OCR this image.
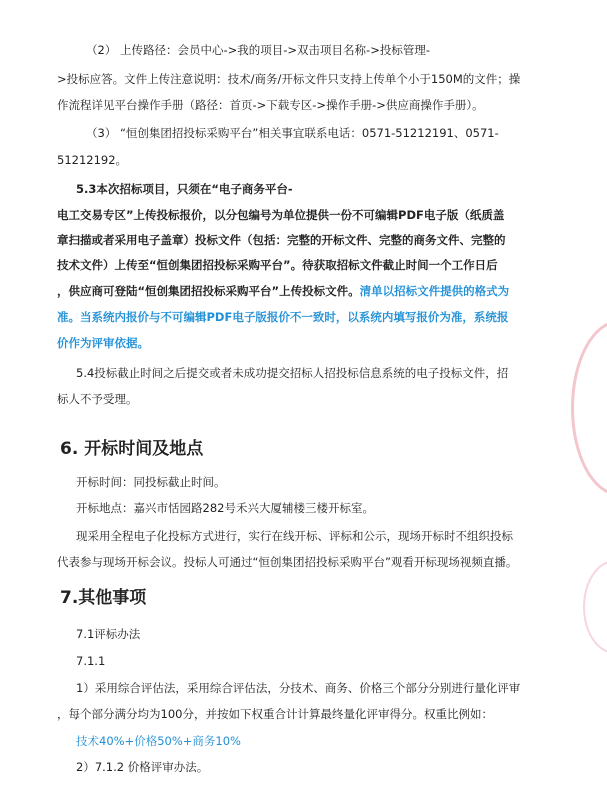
（2） 上传路径：会员中心->我的项目->双击项目名称->投标管理-
>投标应答。文件上传注意说明：技术/商务/开标文件只支持上传单个小于150M的文件；操
作流程详见平台操作手册（路径：首页->下载专区->操作手册->供应商操作手册）。
（3） “恒创集团招投标采购平台”相关事宜联系电话：0571-51212191、0571-
51212192。
5.3本次招标项目，只须在“电子商务平台-
电工交易专区”上传投标报价，以分包编号为单位提供一份不可编辑PDF电子版（纸质盖
章扫描或者采用电子盖章）投标文件（包括：完整的开标文件、完整的商务文件、完整的
技术文件）上传至“恒创集团招投标采购平台”。待获取招标文件截止时间一个工作日后
，供应商可登陆“恒创集团招投标采购平台”上传投标文件。清单以招标文件提供的格式为
准。当系统内报价与不可编辑PDF电子版报价不一致时，以系统内填写报价为准，系统报
价作为评审依据。
5.4投标截止时间之后提交或者未成功提交招标人招投标信息系统的电子投标文件，招
标人不予受理。
6. 开标时间及地点
开标时间：同投标截止时间。
开标地点：嘉兴市恬园路282号禾兴大厦辅楼三楼开标室。
现采用全程电子化投标方式进行，实行在线开标、评标和公示，现场开标时不组织投标
代表参与现场开标会议。投标人可通过“恒创集团招投标采购平台”观看开标现场视频直播。
7.其他事项
7.1评标办法
7.1.1
1）采用综合评估法，采用综合评估法，分技术、商务、价格三个部分分别进行量化评审
，每个部分满分均为100分，并按如下权重合计计算最终量化评审得分。权重比例如：
技术40%+价格50%+商务10%
2）7.1.2 价格评审办法。
